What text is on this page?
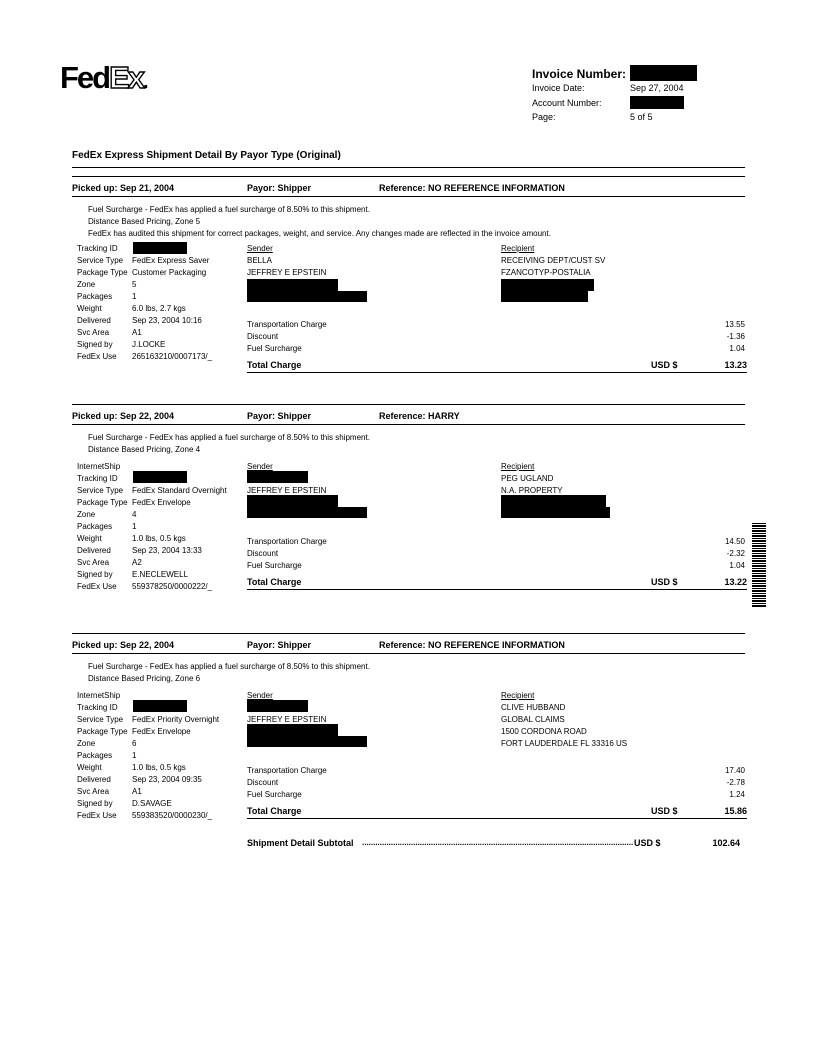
FedEx.	Invoice Number:
Invoice Date:	Sep 27, 2004
Account Number:
Page:	5 of 5
FedEx Express Shipment Detail By Payor Type (Original)
Picked up: Sep 21, 2004	Payor: Shipper	Reference: NO REFERENCE INFORMATION
Fuel Surcharge - FedEx has applied a fuel surcharge of 8.50% to this shipment.
Distance Based Pricing, Zone 5
FedEx has audited this shipment for correct packages, weight, and service. Any changes made are reflected in the invoice amount.
Tracking ID
Service Type FedEx Express Saver
Package Type Customer Packaging
Zone	5
Packages 1
Weight	6.0 lbs, 2.7 kgs
Delivered	Sep 23, 2004 10:16
Svc Area	A1
Signed by J.LOCKE
FedEx Use 265163210/0007173/_
Sender
BELLA
JEFFREY E EPSTEIN
Recipient
RECEIVING DEPT/CUST SV
FZANCOTYP-POSTALIA
Transportation Charge	13.55
Discount	-1.36
Fuel Surcharge	1.04
Total Charge	USD $	13.23
Picked up: Sep 22, 2004	Payor: Shipper	Reference: HARRY
Fuel Surcharge - FedEx has applied a fuel surcharge of 8.50% to this shipment.
Distance Based Pricing, Zone 4
InternetShip
Tracking ID
Service Type FedEx Standard Overnight
Package Type FedEx Envelope
Zone	4
Packages 1
Weight	1.0 lbs, 0.5 kgs
Delivered	Sep 23, 2004 13:33
Svc Area	A2
Signed by E.NECLEWELL
FedEx Use 559378250/0000222/_
Sender
JEFFREY E EPSTEIN
Recipient
PEG UGLAND
N.A. PROPERTY
Transportation Charge	14.50
Discount	-2.32
Fuel Surcharge	1.04
Total Charge	USD $	13.22
Picked up: Sep 22, 2004	Payor: Shipper	Reference: NO REFERENCE INFORMATION
Fuel Surcharge - FedEx has applied a fuel surcharge of 8.50% to this shipment.
Distance Based Pricing, Zone 6
InternetShip
Tracking ID
Service Type FedEx Priority Overnight
Package Type FedEx Envelope
Zone	6
Packages 1
Weight	1.0 lbs, 0.5 kgs
Delivered	Sep 23, 2004 09:35
Svc Area	A1
Signed by D.SAVAGE
FedEx Use 559383520/0000230/_
Sender
JEFFREY E EPSTEIN
Recipient
CLIVE HUBBAND
GLOBAL CLAIMS
1500 CORDONA ROAD
FORT LAUDERDALE FL 33316 US
Transportation Charge	17.40
Discount	-2.78
Fuel Surcharge	1.24
Total Charge	USD $	15.86
Shipment Detail Subtotal .......................................................................................................................... USD $	102.64
